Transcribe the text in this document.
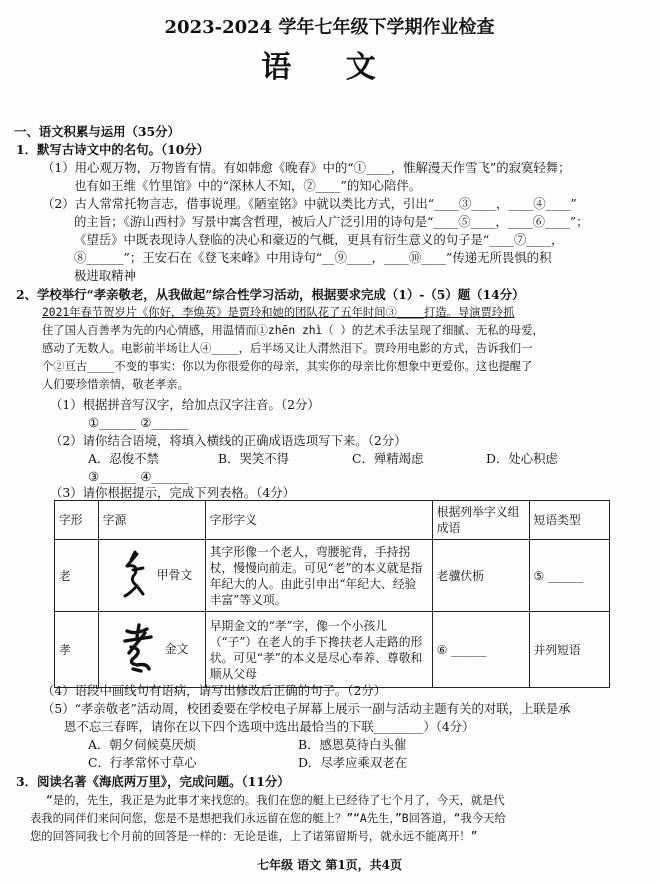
2023-2024 学年七年级下学期作业检查
语 文
一、语文积累与运用（35分）
1．默写古诗文中的名句。（10分）
（1）用心观万物，万物皆有情。有如韩愈《晚春》中的“①____，惟解漫天作雪飞”的寂寞轻舞；
也有如王维《竹里馆》中的“深林人不知，②____”的知心陪伴。
（2）古人常常托物言志，借事说理。《陋室铭》中就以类比方式，引出“____③____，____④____”
的主旨；《游山西村》写景中寓含哲理，被后人广泛引用的诗句是“____⑤____，____⑥____”；
《望岳》中既表现诗人登临的决心和豪迈的气概，更具有衍生意义的句子是“____⑦____，
⑧______”；王安石在《登飞来峰》中用诗句“__⑨____，____⑩____”传递无所畏惧的积
极进取精神
2、学校举行“孝亲敬老，从我做起”综合性学习活动，根据要求完成（1）-（5）题（14分）
2021年春节贺岁片《你好，李焕英》是贾玲和她的团队花了五年时间③____打造。导演贾玲抓
住了国人百善孝为先的内心情感，用温情而①zhēn zhì（ ）的艺术手法呈现了细腻、无私的母爱，
感动了无数人。电影前半场让人④____，后半场又让人潸然泪下。贾玲用电影的方式，告诉我们一
个②亘古____不变的事实：你以为你很爱你的母亲，其实你的母亲比你想象中更爱你。这也提醒了
人们要珍惜亲情，敬老孝亲。
（1）根据拼音写汉字，给加点汉字注音。（2分）
①______ ②______
（2）请你结合语境，将填入横线的正确成语选项写下来。（2分）
A．忍俊不禁	B．哭笑不得	C．殚精竭虑	D．处心积虑
③______ ④______
（3）请你根据提示，完成下列表格。（4分）
字形	字源	字形字义	根据列举字义组成语	短语类型
老	甲骨文	其字形像一个老人，弯腰驼背，手持拐杖，慢慢向前走。可见“老”的本义就是指年纪大的人。由此引申出“年纪大、经验丰富”等义项。	老骥伏枥	⑤ ______
孝	金文	早期金文的“孝”字，像一个小孩儿（“子”）在老人的手下搀扶老人走路的形状。可见“孝”的本义是尽心奉养、尊敬和顺从父母	⑥ ______	并列短语
（4）语段中画线句有语病，请写出修改后正确的句子。（2分）
（5）“孝亲敬老”活动周，校团委要在学校电子屏幕上展示一副与活动主题有关的对联，上联是承
恩不忘三春晖，请你在以下四个选项中选出最恰当的下联________）（4分）
A．朝夕伺候莫厌烦	B．感恩莫待白头催
C．行孝常怀寸草心	D．尽孝应乘双老在
3．阅读名著《海底两万里》，完成问题。（11分）
“是的，先生，我正是为此事才来找您的。我们在您的艇上已经待了七个月了，今天，就是代
表我的同伴们来问问您，您是不是想把我们永远留在您的艇上？”“A先生，”B回答道，“我今天给
您的回答同我七个月前的回答是一样的：无论是谁，上了诺第留斯号，就永远不能离开！”
七年级 语文 第1页，共4页
